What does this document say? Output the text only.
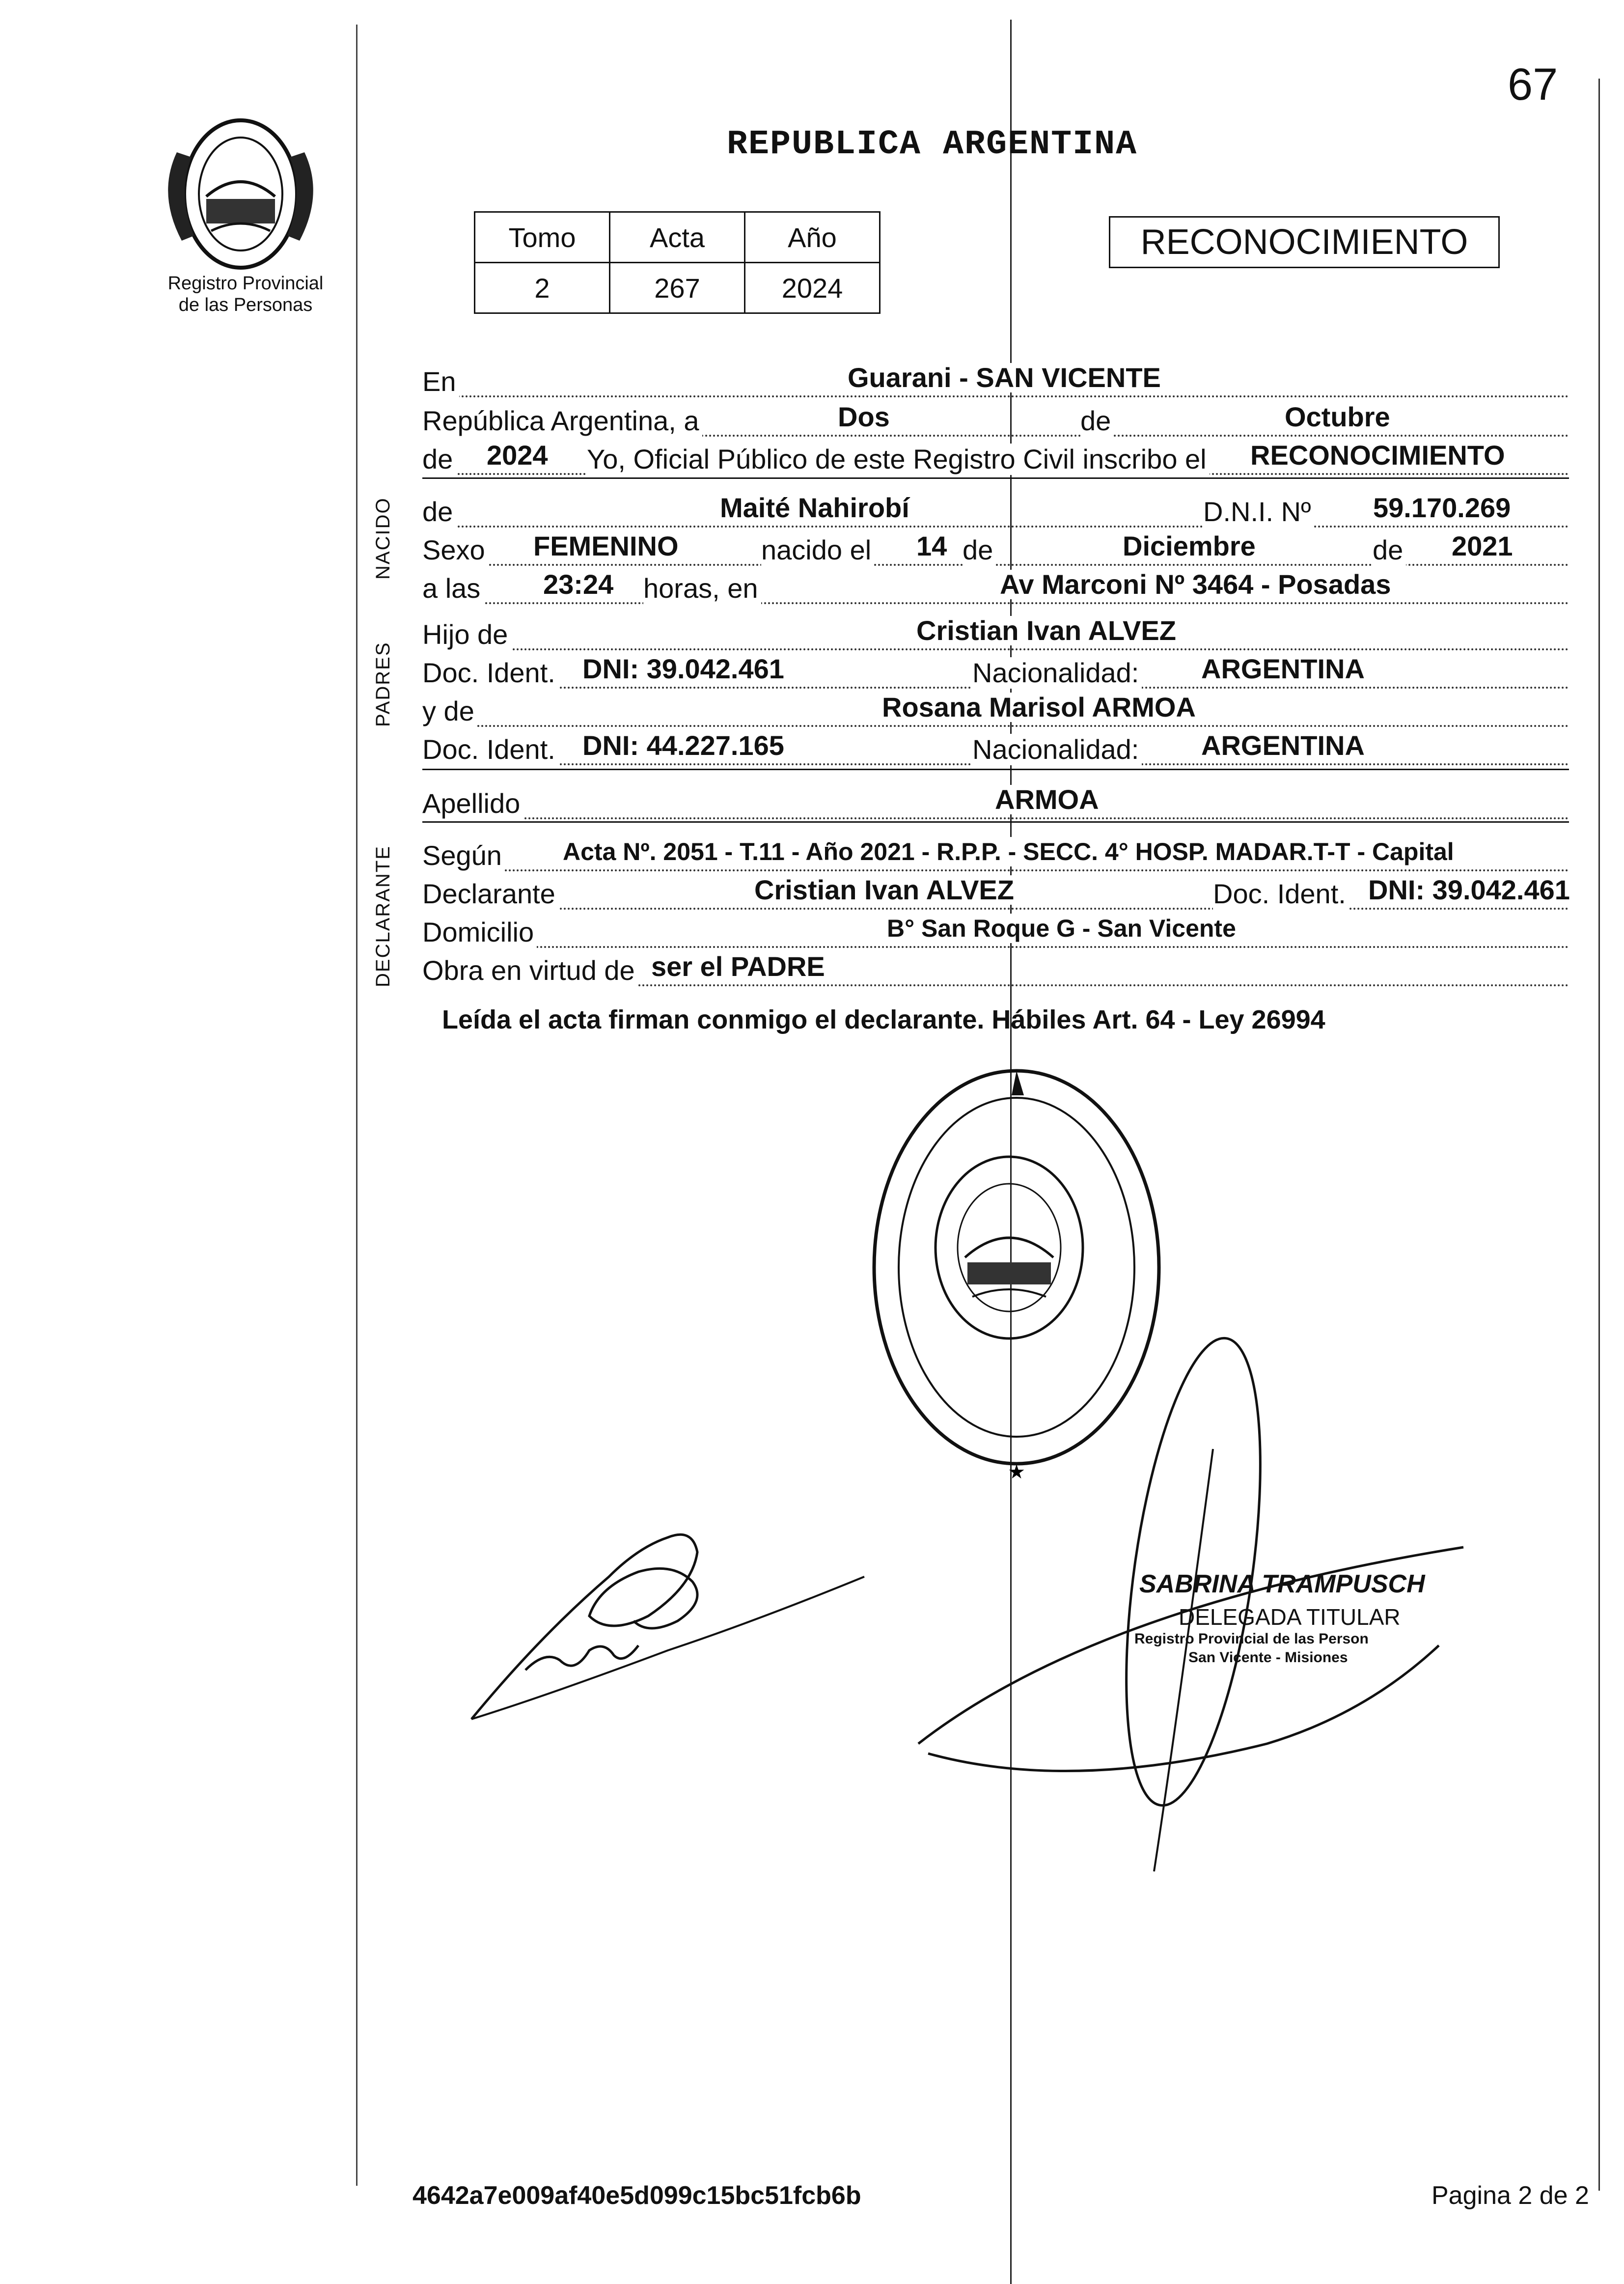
67
Registro Provincial
de las Personas
REPUBLICA ARGENTINA
Tomo	Acta	Año
2	267	2024
RECONOCIMIENTO
NACIDO
PADRES
DECLARANTE
En	Guarani - SAN VICENTE
República Argentina, a	Dos	de	Octubre
de 2024 Yo, Oficial Público de este Registro Civil inscribo el RECONOCIMIENTO
de	Maité Nahirobí	D.N.I. Nº 59.170.269
Sexo FEMENINO	nacido el 14 de	Diciembre	de 2021
a las 23:24 horas, en	Av Marconi Nº 3464 - Posadas
Hijo de	Cristian Ivan ALVEZ
Doc. Ident. DNI: 39.042.461	Nacionalidad: ARGENTINA
y de	Rosana Marisol ARMOA
Doc. Ident. DNI: 44.227.165	Nacionalidad: ARGENTINA
Apellido	ARMOA
Según Acta Nº. 2051 - T.11 - Año 2021 - R.P.P. - SECC. 4° HOSP. MADAR.T-T - Capital
Declarante	Cristian Ivan ALVEZ	Doc. Ident. DNI: 39.042.461
Domicilio	B° San Roque G - San Vicente
Obra en virtud de ser el PADRE
Leída el acta firman conmigo el declarante. Hábiles Art. 64 - Ley 26994
★
SABRINA TRAMPUSCH
DELEGADA TITULAR
Registro Provincial de las Person
San Vicente - Misiones
4642a7e009af40e5d099c15bc51fcb6b	Pagina 2 de 2
